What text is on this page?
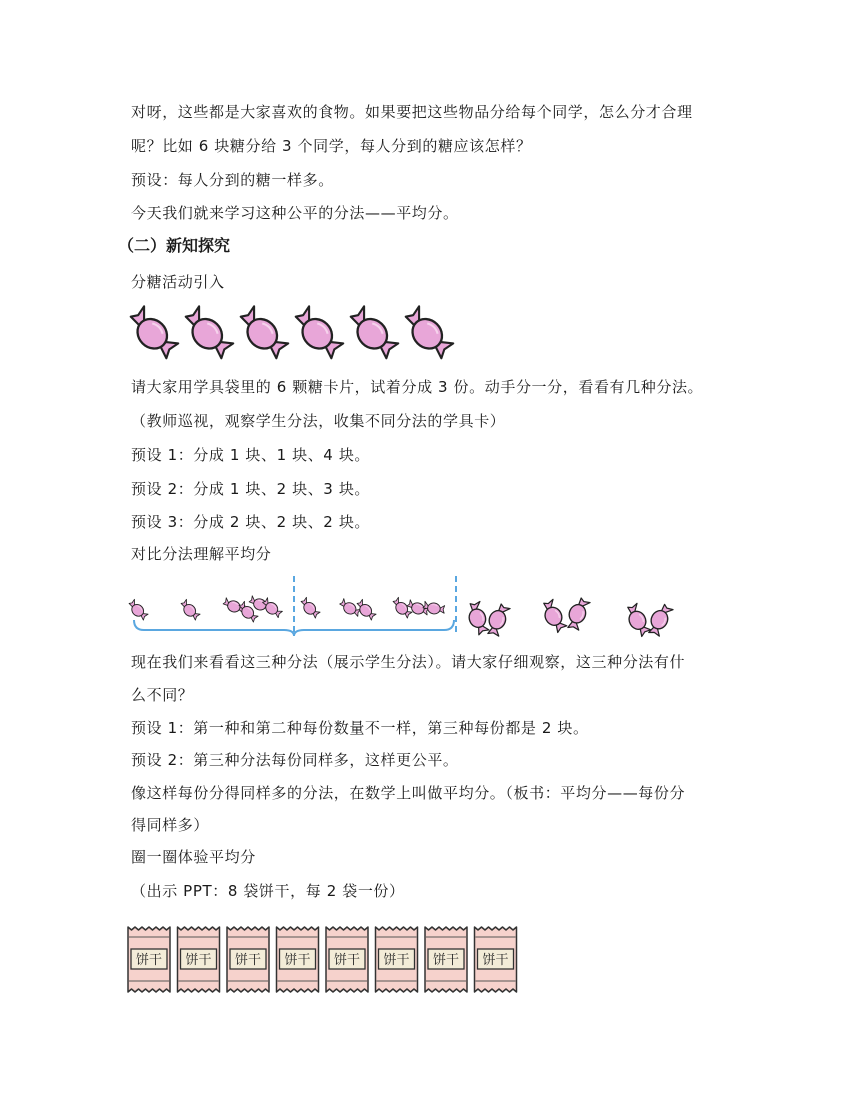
对呀，这些都是大家喜欢的食物。如果要把这些物品分给每个同学，怎么分才合理
呢？比如 6 块糖分给 3 个同学，每人分到的糖应该怎样？
预设：每人分到的糖一样多。
今天我们就来学习这种公平的分法——平均分。
（二）新知探究
分糖活动引入
请大家用学具袋里的 6 颗糖卡片，试着分成 3 份。动手分一分，看看有几种分法。
（教师巡视，观察学生分法，收集不同分法的学具卡）
预设 1：分成 1 块、1 块、4 块。
预设 2：分成 1 块、2 块、3 块。
预设 3：分成 2 块、2 块、2 块。
对比分法理解平均分
现在我们来看看这三种分法（展示学生分法）。请大家仔细观察，这三种分法有什
么不同？
预设 1：第一种和第二种每份数量不一样，第三种每份都是 2 块。
预设 2：第三种分法每份同样多，这样更公平。
像这样每份分得同样多的分法，在数学上叫做平均分。（板书：平均分——每份分
得同样多）
圈一圈体验平均分
（出示 PPT：8 袋饼干，每 2 袋一份）
饼干 饼干 饼干 饼干 饼干 饼干 饼干 饼干
